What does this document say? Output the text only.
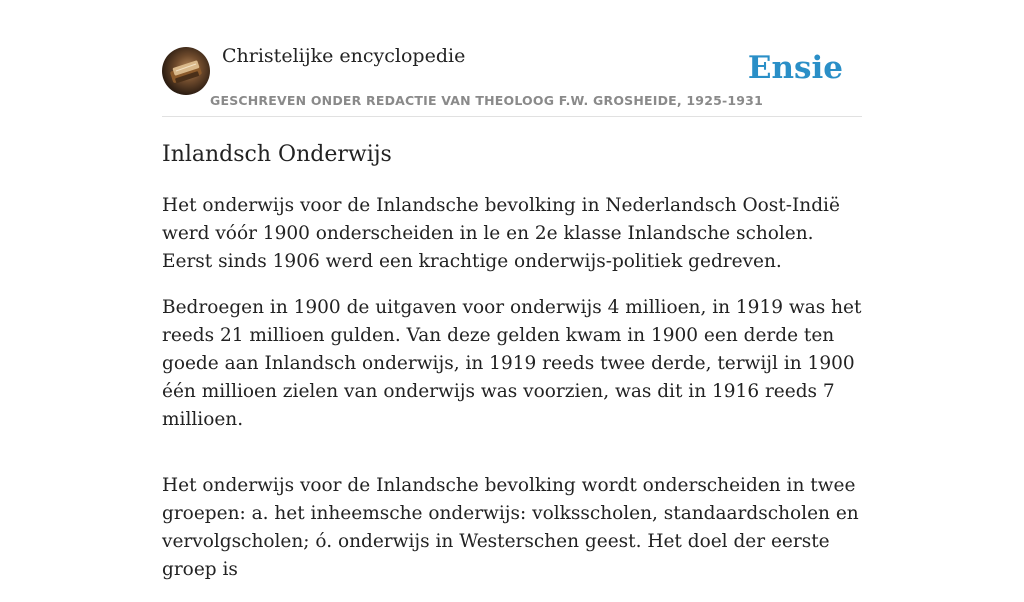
Christelijke encyclopedie
GESCHREVEN ONDER REDACTIE VAN THEOLOOG F.W. GROSHEIDE, 1925-1931
Ensie
Inlandsch Onderwijs

Het onderwijs voor de Inlandsche bevolking in Nederlandsch Oost-Indië werd vóór 1900 onderscheiden in le en 2e klasse Inlandsche scholen. Eerst sinds 1906 werd een krachtige onderwijs-politiek gedreven.

Bedroegen in 1900 de uitgaven voor onderwijs 4 millioen, in 1919 was het reeds 21 millioen gulden. Van deze gelden kwam in 1900 een derde ten goede aan Inlandsch onderwijs, in 1919 reeds twee derde, terwijl in 1900 één millioen zielen van onderwijs was voorzien, was dit in 1916 reeds 7 millioen.

Het onderwijs voor de Inlandsche bevolking wordt onderscheiden in twee groepen: a. het inheemsche onderwijs: volksscholen, standaardscholen en vervolgscholen; ó. onderwijs in Westerschen geest. Het doel der eerste groep is
